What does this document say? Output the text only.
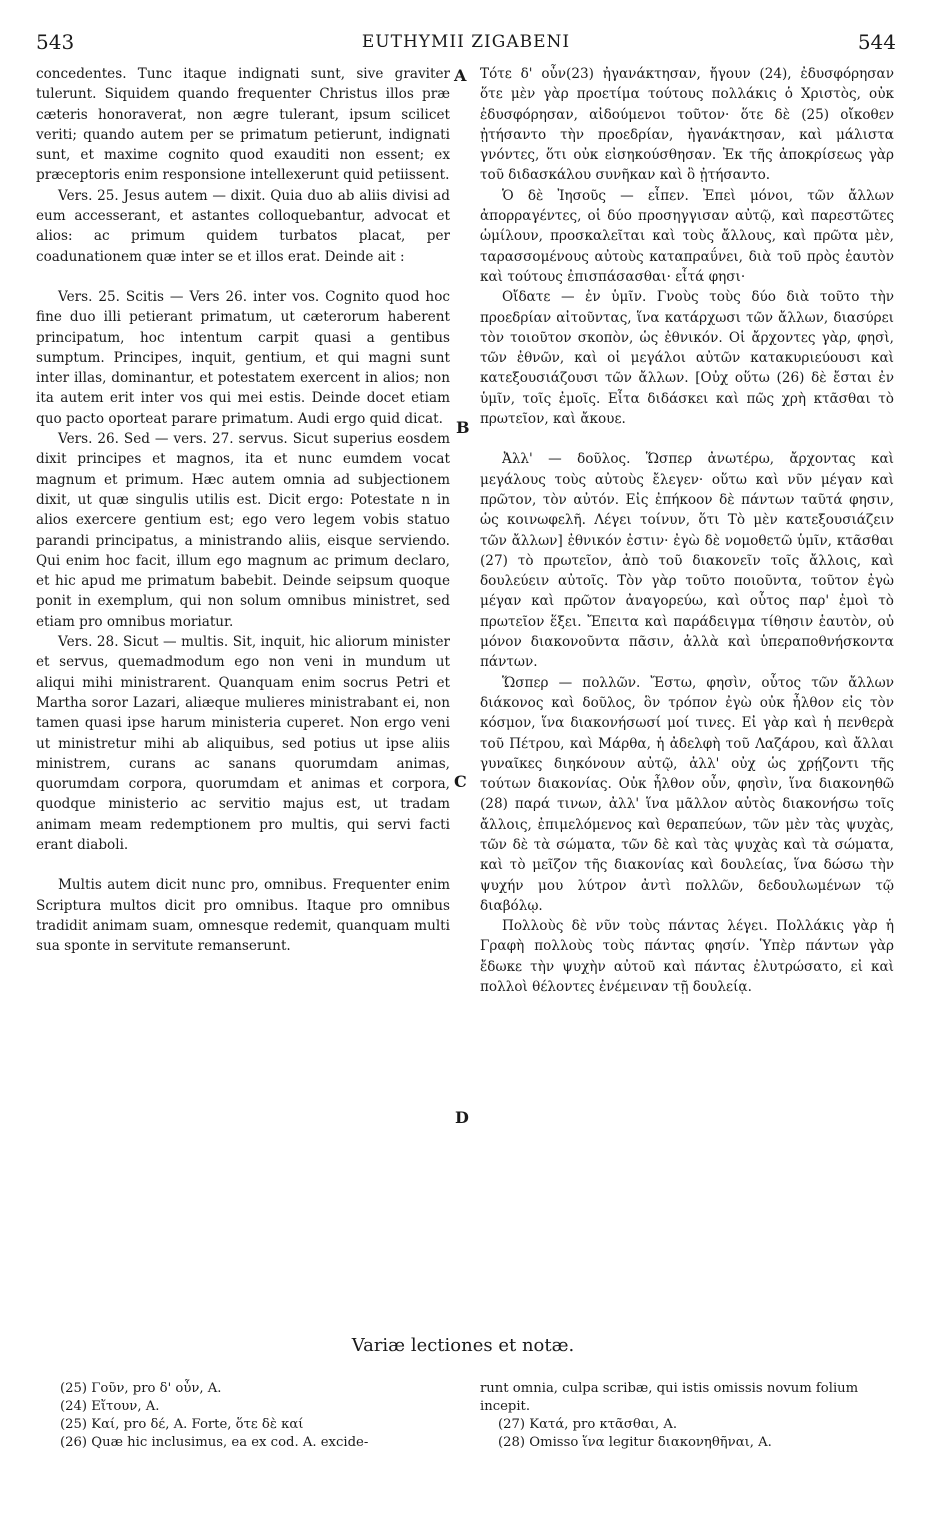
543	EUTHYMII ZIGABENI	544

concedentes. Tunc itaque indignati sunt, sive graviter tulerunt. Siquidem quando frequenter Christus illos præ cæteris honoraverat, non ægre tulerant, ipsum scilicet veriti; quando autem per se primatum petierunt, indignati sunt, et maxime cognito quod exauditi non essent; ex præceptoris enim responsione intellexerunt quid petiissent.

Vers. 25. Jesus autem — dixit. Quia duo ab aliis divisi ad eum accesserant, et astantes colloquebantur, advocat et alios: ac primum quidem turbatos placat, per coadunationem quæ inter se et illos erat. Deinde ait :

Vers. 25. Scitis — Vers 26. inter vos. Cognito quod hoc fine duo illi petierant primatum, ut cæterorum haberent principatum, hoc intentum carpit quasi a gentibus sumptum. Principes, inquit, gentium, et qui magni sunt inter illas, dominantur, et potestatem exercent in alios; non ita autem erit inter vos qui mei estis. Deinde docet etiam quo pacto oporteat parare primatum. Audi ergo quid dicat.

Vers. 26. Sed — vers. 27. servus. Sicut superius eosdem dixit principes et magnos, ita et nunc eumdem vocat magnum et primum. Hæc autem omnia ad subjectionem dixit, ut quæ singulis utilis est. Dicit ergo: Potestate n in alios exercere gentium est; ego vero legem vobis statuo parandi principatus, a ministrando aliis, eisque serviendo. Qui enim hoc facit, illum ego magnum ac primum declaro, et hic apud me primatum babebit. Deinde seipsum quoque ponit in exemplum, qui non solum omnibus ministret, sed etiam pro omnibus moriatur.

Vers. 28. Sicut — multis. Sit, inquit, hic aliorum minister et servus, quemadmodum ego non veni in mundum ut aliqui mihi ministrarent. Quanquam enim socrus Petri et Martha soror Lazari, aliæque mulieres ministrabant ei, non tamen quasi ipse harum ministeria cuperet. Non ergo veni ut ministretur mihi ab aliquibus, sed potius ut ipse aliis ministrem, curans ac sanans quorumdam animas, quorumdam corpora, quorumdam et animas et corpora, quodque ministerio ac servitio majus est, ut tradam animam meam redemptionem pro multis, qui servi facti erant diaboli.

Multis autem dicit nunc pro, omnibus. Frequenter enim Scriptura multos dicit pro omnibus. Itaque pro omnibus tradidit animam suam, omnesque redemit, quanquam multi sua sponte in servitute remanserunt.

A
B
C
D

Τότε δ' οὖν(23) ἠγανάκτησαν, ἤγουν (24), ἐδυσφόρησαν ὅτε μὲν γὰρ προετίμα τούτους πολλάκις ὁ Χριστὸς, οὐκ ἐδυσφόρησαν, αἰδούμενοι τοῦτον· ὅτε δὲ (25) οἴκοθεν ᾐτήσαντο τὴν προεδρίαν, ἠγανάκτησαν, καὶ μάλιστα γνόντες, ὅτι οὐκ εἰσηκούσθησαν. Ἐκ τῆς ἀποκρίσεως γὰρ τοῦ διδασκάλου συνῆκαν καὶ ὃ ᾐτήσαντο.

Ὁ δὲ Ἰησοῦς — εἶπεν. Ἐπεὶ μόνοι, τῶν ἄλλων ἀπορραγέντες, οἱ δύο προσηγγισαν αὐτῷ, καὶ παρεστῶτες ὡμίλουν, προσκαλεῖται καὶ τοὺς ἄλλους, καὶ πρῶτα μὲν, ταρασσομένους αὐτοὺς καταπραΰνει, διὰ τοῦ πρὸς ἑαυτὸν καὶ τούτους ἐπισπάσασθαι· εἶτά φησι·

Οἴδατε — ἐν ὑμῖν. Γνοὺς τοὺς δύο διὰ τοῦτο τὴν προεδρίαν αἰτοῦντας, ἵνα κατάρχωσι τῶν ἄλλων, διασύρει τὸν τοιοῦτον σκοπὸν, ὡς ἐθνικόν. Οἱ ἄρχοντες γὰρ, φησὶ, τῶν ἐθνῶν, καὶ οἱ μεγάλοι αὐτῶν κατακυριεύουσι καὶ κατεξουσιάζουσι τῶν ἄλλων. [Οὐχ οὕτω (26) δὲ ἔσται ἐν ὑμῖν, τοῖς ἐμοῖς. Εἶτα διδάσκει καὶ πῶς χρὴ κτᾶσθαι τὸ πρωτεῖον, καὶ ἄκουε.

Ἀλλ' — δοῦλος. Ὥσπερ ἀνωτέρω, ἄρχοντας καὶ μεγάλους τοὺς αὐτοὺς ἔλεγεν· οὕτω καὶ νῦν μέγαν καὶ πρῶτον, τὸν αὐτόν. Εἰς ἐπήκοον δὲ πάντων ταῦτά φησιν, ὡς κοινωφελῆ. Λέγει τοίνυν, ὅτι Τὸ μὲν κατεξουσιάζειν τῶν ἄλλων] ἐθνικόν ἐστιν· ἐγὼ δὲ νομοθετῶ ὑμῖν, κτᾶσθαι (27) τὸ πρωτεῖον, ἀπὸ τοῦ διακονεῖν τοῖς ἄλλοις, καὶ δουλεύειν αὐτοῖς. Τὸν γὰρ τοῦτο ποιοῦντα, τοῦτον ἐγὼ μέγαν καὶ πρῶτον ἀναγορεύω, καὶ οὗτος παρ' ἐμοὶ τὸ πρωτεῖον ἕξει. Ἔπειτα καὶ παράδειγμα τίθησιν ἑαυτὸν, οὐ μόνον διακονοῦντα πᾶσιν, ἀλλὰ καὶ ὑπεραποθνήσκοντα πάντων.

Ὥσπερ — πολλῶν. Ἔστω, φησὶν, οὗτος τῶν ἄλλων διάκονος καὶ δοῦλος, ὃν τρόπον ἐγὼ οὐκ ἦλθον εἰς τὸν κόσμον, ἵνα διακονήσωσί μοί τινες. Εἰ γὰρ καὶ ἡ πενθερὰ τοῦ Πέτρου, καὶ Μάρθα, ἡ ἀδελφὴ τοῦ Λαζάρου, καὶ ἄλλαι γυναῖκες διηκόνουν αὐτῷ, ἀλλ' οὐχ ὡς χρῄζοντι τῆς τούτων διακονίας. Οὐκ ἦλθον οὖν, φησὶν, ἵνα διακονηθῶ (28) παρά τινων, ἀλλ' ἵνα μᾶλλον αὐτὸς διακονήσω τοῖς ἄλλοις, ἐπιμελόμενος καὶ θεραπεύων, τῶν μὲν τὰς ψυχὰς, τῶν δὲ τὰ σώματα, τῶν δὲ καὶ τὰς ψυχὰς καὶ τὰ σώματα, καὶ τὸ μεῖζον τῆς διακονίας καὶ δουλείας, ἵνα δώσω τὴν ψυχήν μου λύτρον ἀντὶ πολλῶν, δεδουλωμένων τῷ διαβόλῳ.

Πολλοὺς δὲ νῦν τοὺς πάντας λέγει. Πολλάκις γὰρ ἡ Γραφὴ πολλοὺς τοὺς πάντας φησίν. Ὑπὲρ πάντων γὰρ ἔδωκε τὴν ψυχὴν αὐτοῦ καὶ πάντας ἐλυτρώσατο, εἰ καὶ πολλοὶ θέλοντες ἐνέμειναν τῇ δουλείᾳ.

Variæ lectiones et notæ.

(25) Γοῦν, pro δ' οὖν, A.

(24) Εἴτουν, A.

(25) Καί, pro δέ, A. Forte, ὅτε δὲ καί

(26) Quæ hic inclusimus, ea ex cod. A. excide-

runt omnia, culpa scribæ, qui istis omissis novum folium incepit.

(27) Κατά, pro κτᾶσθαι, A.

(28) Omisso ἵνα legitur διακονηθῆναι, A.
